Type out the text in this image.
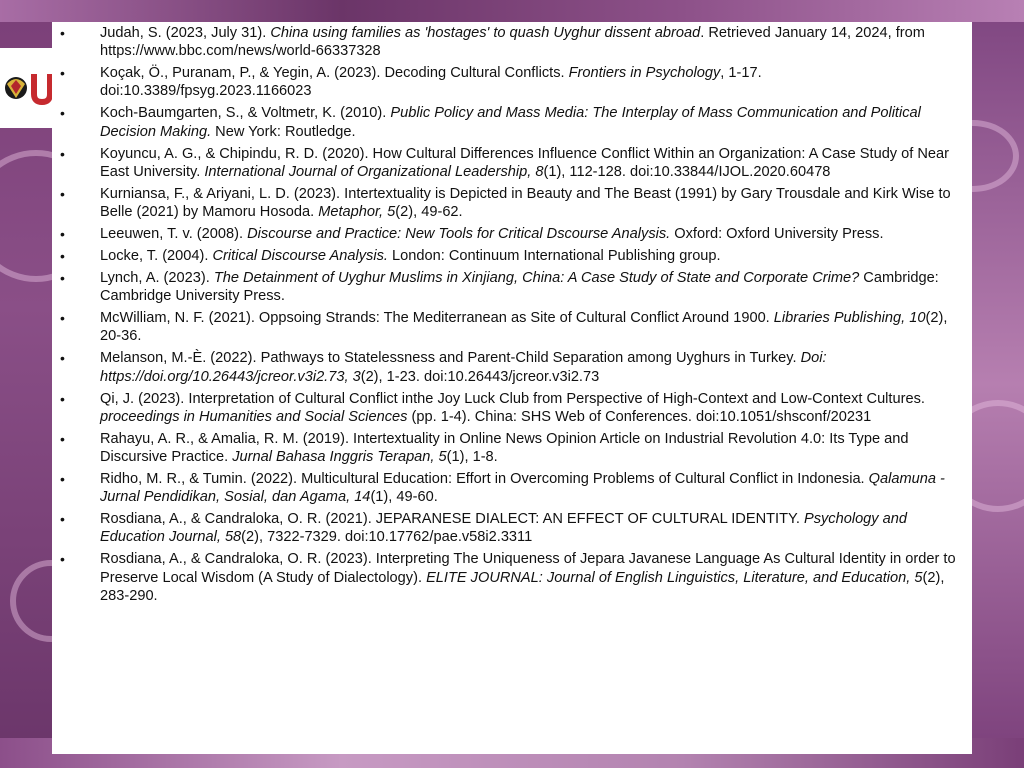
• Judah, S. (2023, July 31). China using families as 'hostages' to quash Uyghur dissent abroad. Retrieved January 14, 2024, from https://www.bbc.com/news/world-66337328
• Koçak, Ö., Puranam, P., & Yegin, A. (2023). Decoding Cultural Conflicts. Frontiers in Psychology, 1-17. doi:10.3389/fpsyg.2023.1166023
• Koch-Baumgarten, S., & Voltmetr, K. (2010). Public Policy and Mass Media: The Interplay of Mass Communication and Political Decision Making. New York: Routledge.
• Koyuncu, A. G., & Chipindu, R. D. (2020). How Cultural Differences Influence Conflict Within an Organization: A Case Study of Near East University. International Journal of Organizational Leadership, 8(1), 112-128. doi:10.33844/IJOL.2020.60478
• Kurniansa, F., & Ariyani, L. D. (2023). Intertextuality is Depicted in Beauty and The Beast (1991) by Gary Trousdale and Kirk Wise to Belle (2021) by Mamoru Hosoda. Metaphor, 5(2), 49-62.
• Leeuwen, T. v. (2008). Discourse and Practice: New Tools for Critical Dscourse Analysis. Oxford: Oxford University Press.
• Locke, T. (2004). Critical Discourse Analysis. London: Continuum International Publishing group.
• Lynch, A. (2023). The Detainment of Uyghur Muslims in Xinjiang, China: A Case Study of State and Corporate Crime? Cambridge: Cambridge University Press.
• McWilliam, N. F. (2021). Oppsoing Strands: The Mediterranean as Site of Cultural Conflict Around 1900. Libraries Publishing, 10(2), 20-36.
• Melanson, M.-È. (2022). Pathways to Statelessness and Parent-Child Separation among Uyghurs in Turkey. Doi: https://doi.org/10.26443/jcreor.v3i2.73, 3(2), 1-23. doi:10.26443/jcreor.v3i2.73
• Qi, J. (2023). Interpretation of Cultural Conflict inthe Joy Luck Club from Perspective of High-Context and Low-Context Cultures. proceedings in Humanities and Social Sciences (pp. 1-4). China: SHS Web of Conferences. doi:10.1051/shsconf/20231
• Rahayu, A. R., & Amalia, R. M. (2019). Intertextuality in Online News Opinion Article on Industrial Revolution 4.0: Its Type and Discursive Practice. Jurnal Bahasa Inggris Terapan, 5(1), 1-8.
• Ridho, M. R., & Tumin. (2022). Multicultural Education: Effort in Overcoming Problems of Cultural Conflict in Indonesia. Qalamuna - Jurnal Pendidikan, Sosial, dan Agama, 14(1), 49-60.
• Rosdiana, A., & Candraloka, O. R. (2021). JEPARANESE DIALECT: AN EFFECT OF CULTURAL IDENTITY. Psychology and Education Journal, 58(2), 7322-7329. doi:10.17762/pae.v58i2.3311
• Rosdiana, A., & Candraloka, O. R. (2023). Interpreting The Uniqueness of Jepara Javanese Language As Cultural Identity in order to Preserve Local Wisdom (A Study of Dialectology). ELITE JOURNAL: Journal of English Linguistics, Literature, and Education, 5(2), 283-290.
